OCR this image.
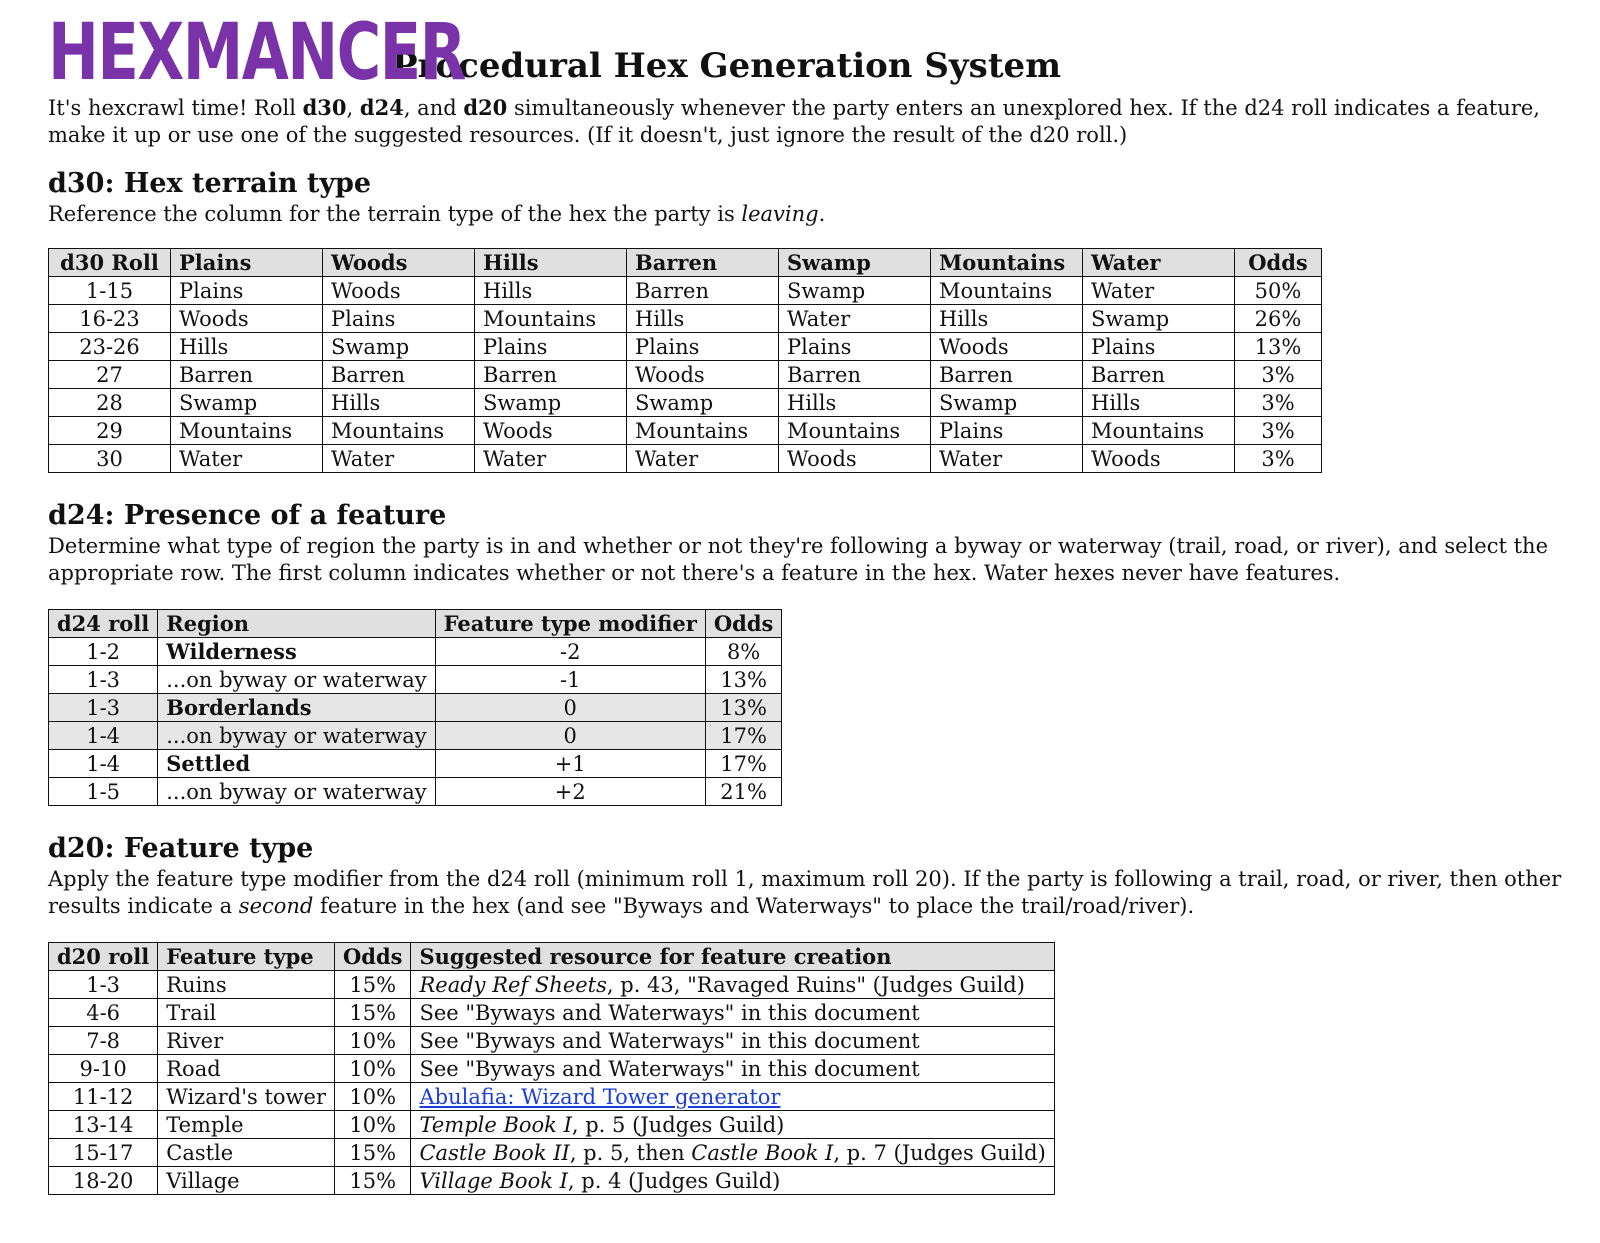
HEXMANCER
Procedural Hex Generation System

It's hexcrawl time! Roll d30, d24, and d20 simultaneously whenever the party enters an unexplored hex. If the d24 roll indicates a feature, make it up or use one of the suggested resources. (If it doesn't, just ignore the result of the d20 roll.)

d30: Hex terrain type

Reference the column for the terrain type of the hex the party is leaving.

d30 Roll	Plains	Woods	Hills	Barren	Swamp	Mountains	Water	Odds
1-15	Plains	Woods	Hills	Barren	Swamp	Mountains	Water	50%
16-23	Woods	Plains	Mountains	Hills	Water	Hills	Swamp	26%
23-26	Hills	Swamp	Plains	Plains	Plains	Woods	Plains	13%
27	Barren	Barren	Barren	Woods	Barren	Barren	Barren	3%
28	Swamp	Hills	Swamp	Swamp	Hills	Swamp	Hills	3%
29	Mountains	Mountains	Woods	Mountains	Mountains	Plains	Mountains	3%
30	Water	Water	Water	Water	Woods	Water	Woods	3%
d24: Presence of a feature

Determine what type of region the party is in and whether or not they're following a byway or waterway (trail, road, or river), and select the appropriate row. The first column indicates whether or not there's a feature in the hex. Water hexes never have features.

d24 roll	Region	Feature type modifier	Odds
1-2	Wilderness	-2	8%
1-3	...on byway or waterway	-1	13%
1-3	Borderlands	0	13%
1-4	...on byway or waterway	0	17%
1-4	Settled	+1	17%
1-5	...on byway or waterway	+2	21%
d20: Feature type

Apply the feature type modifier from the d24 roll (minimum roll 1, maximum roll 20). If the party is following a trail, road, or river, then other results indicate a second feature in the hex (and see "Byways and Waterways" to place the trail/road/river).

d20 roll	Feature type	Odds	Suggested resource for feature creation
1-3	Ruins	15%	Ready Ref Sheets, p. 43, "Ravaged Ruins" (Judges Guild)
4-6	Trail	15%	See "Byways and Waterways" in this document
7-8	River	10%	See "Byways and Waterways" in this document
9-10	Road	10%	See "Byways and Waterways" in this document
11-12	Wizard's tower	10%	Abulafia: Wizard Tower generator
13-14	Temple	10%	Temple Book I, p. 5 (Judges Guild)
15-17	Castle	15%	Castle Book II, p. 5, then Castle Book I, p. 7 (Judges Guild)
18-20	Village	15%	Village Book I, p. 4 (Judges Guild)
